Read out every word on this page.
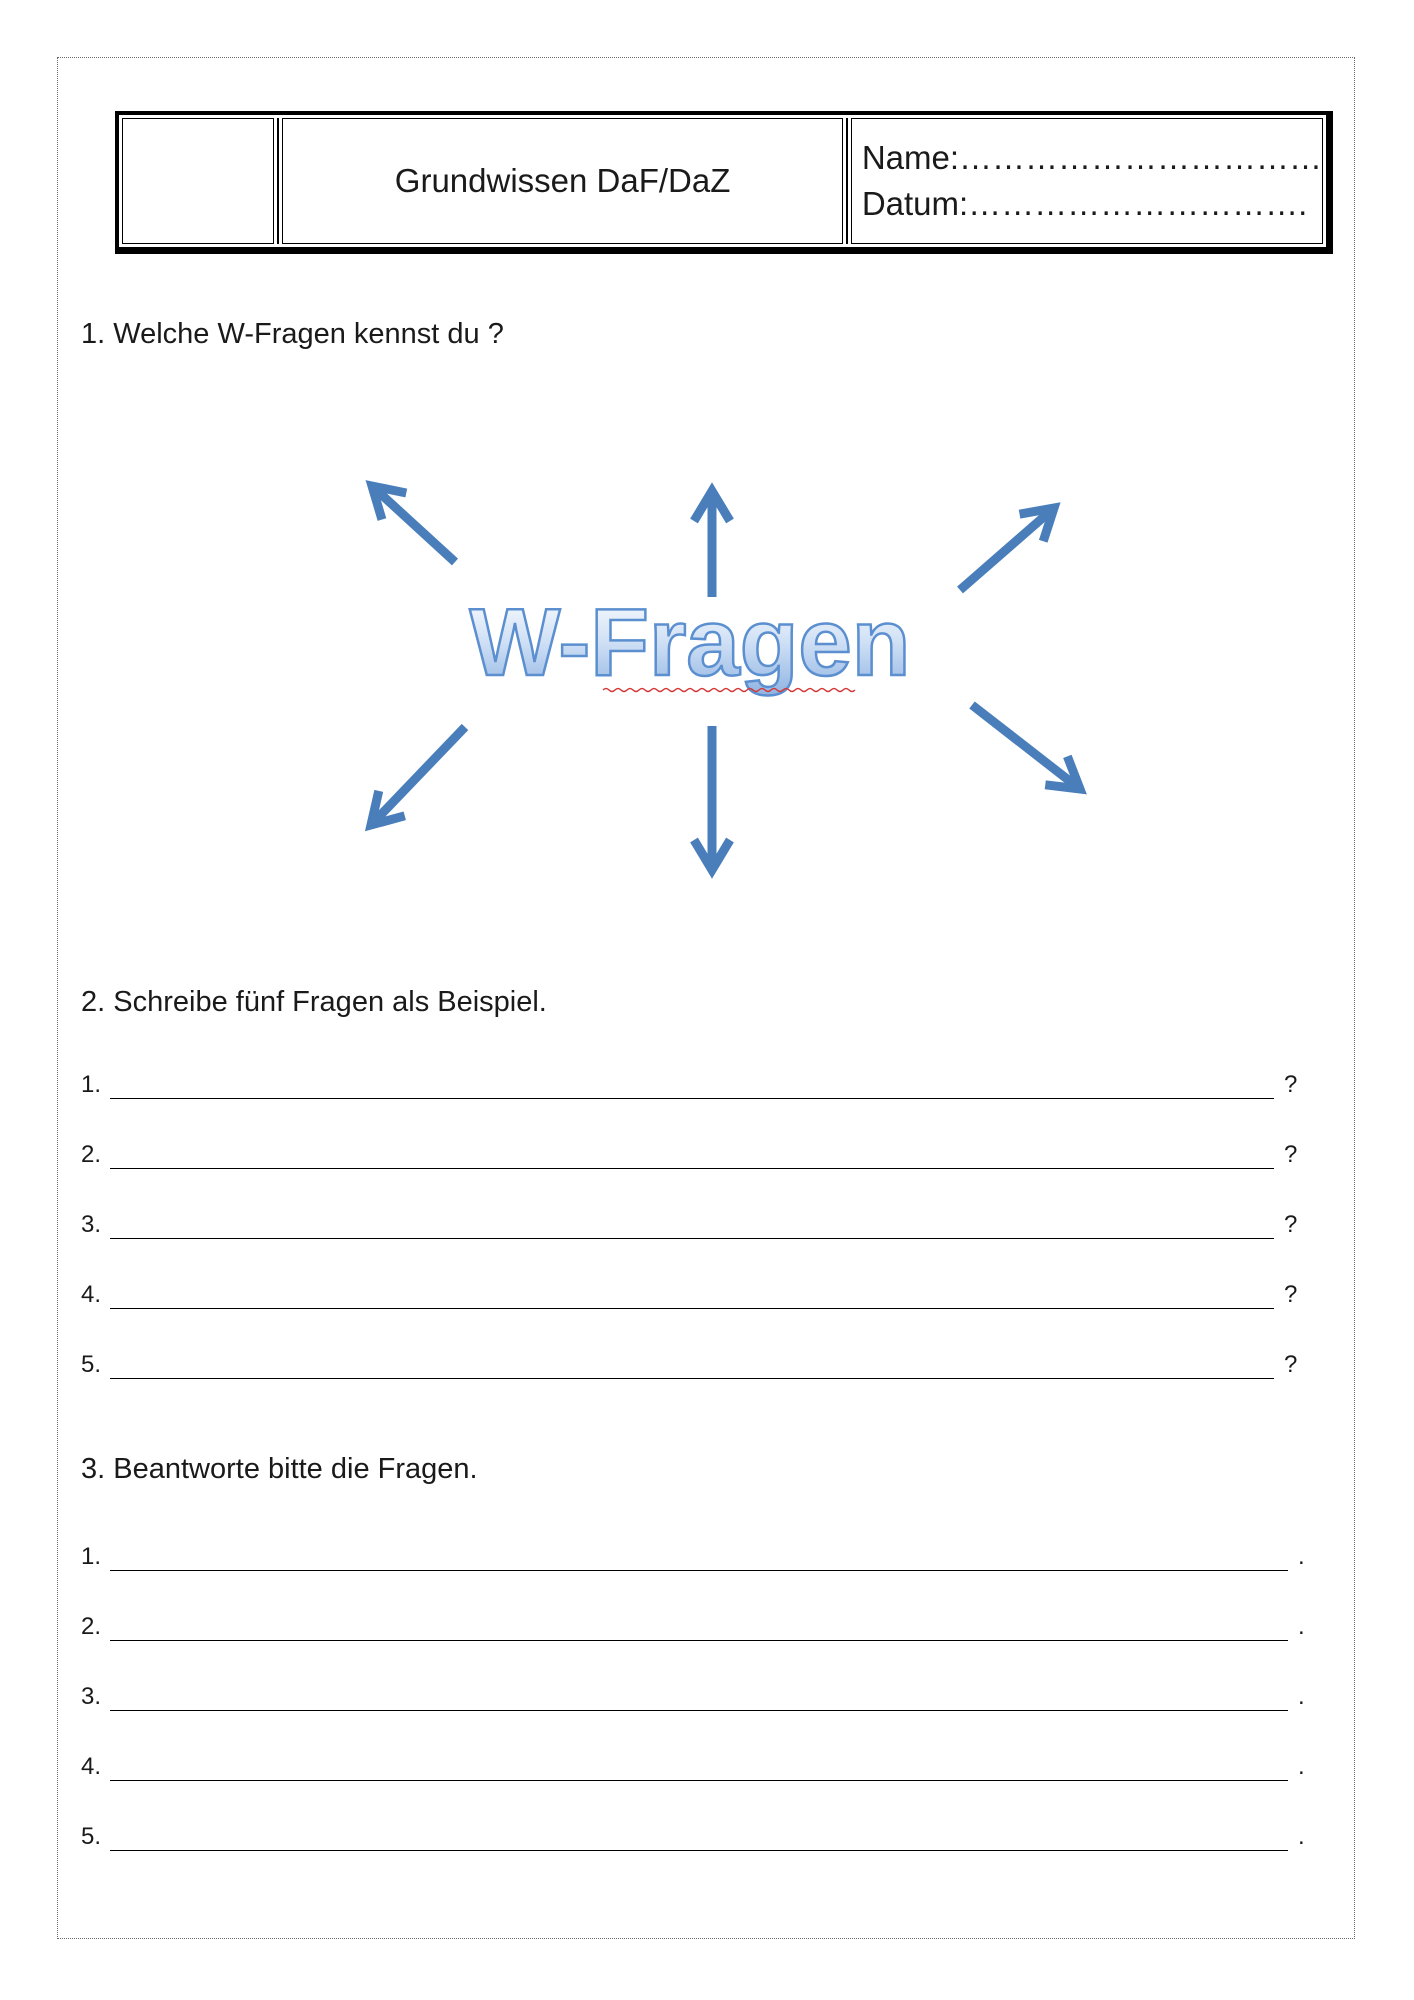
Grundwissen DaF/DaZ
Name:……………………………
Datum:………………………….
1. Welche W-Fragen kennst du ?
W-Fragen
2. Schreibe fünf Fragen als Beispiel.
1.	?
2.	?
3.	?
4.	?
5.	?
3. Beantworte bitte die Fragen.
1.	.
2.	.
3.	.
4.	.
5.	.
